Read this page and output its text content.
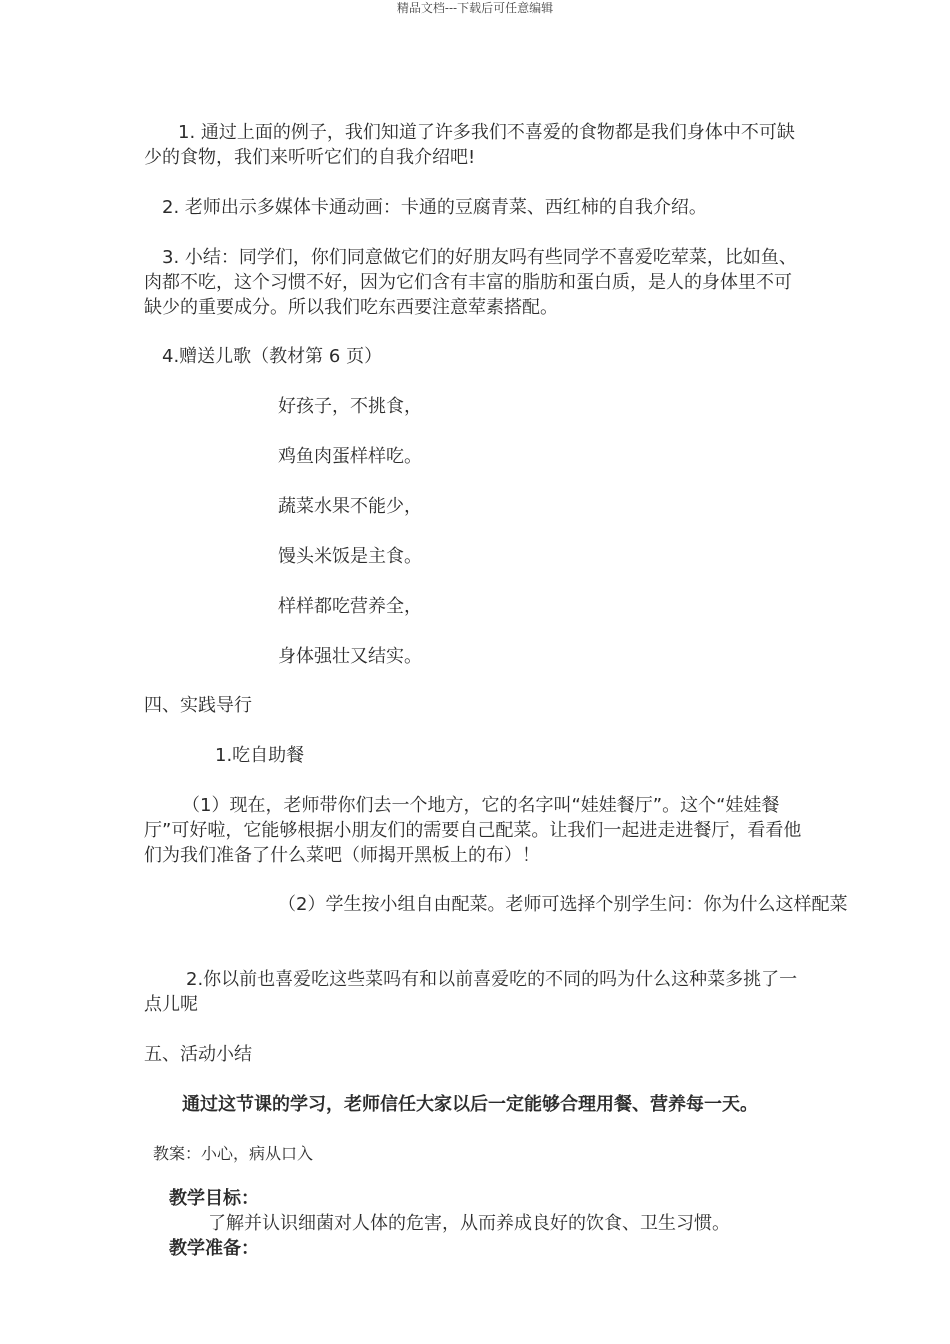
精品文档---下载后可任意编辑

1. 通过上面的例子，我们知道了许多我们不喜爱的食物都是我们身体中不可缺少的食物，我们来听听它们的自我介绍吧!

2. 老师出示多媒体卡通动画：卡通的豆腐青菜、西红柿的自我介绍。

3. 小结：同学们，你们同意做它们的好朋友吗有些同学不喜爱吃荤菜，比如鱼、肉都不吃，这个习惯不好，因为它们含有丰富的脂肪和蛋白质，是人的身体里不可缺少的重要成分。所以我们吃东西要注意荤素搭配。

4.赠送儿歌（教材第 6 页）

好孩子，不挑食，

鸡鱼肉蛋样样吃。

蔬菜水果不能少，

馒头米饭是主食。

样样都吃营养全，

身体强壮又结实。

四、实践导行

1.吃自助餐

（1）现在，老师带你们去一个地方，它的名字叫“娃娃餐厅”。这个“娃娃餐厅”可好啦，它能够根据小朋友们的需要自己配菜。让我们一起进走进餐厅，看看他们为我们准备了什么菜吧（师揭开黑板上的布）！

（2）学生按小组自由配菜。老师可选择个别学生问：你为什么这样配菜

2.你以前也喜爱吃这些菜吗有和以前喜爱吃的不同的吗为什么这种菜多挑了一点儿呢

五、活动小结

通过这节课的学习，老师信任大家以后一定能够合理用餐、营养每一天。

教案：小心，病从口入

教学目标：

了解并认识细菌对人体的危害，从而养成良好的饮食、卫生习惯。

教学准备：
